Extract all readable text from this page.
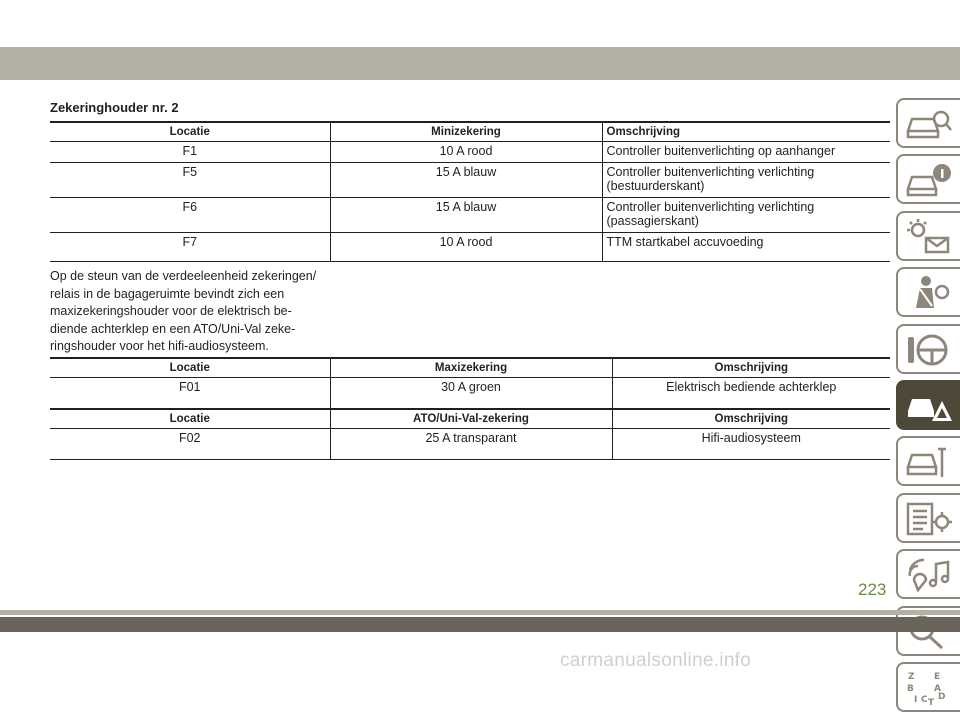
Zekeringhouder nr. 2
Locatie	Minizekering	Omschrijving
F1	10 A rood	Controller buitenverlichting op aanhanger
F5	15 A blauw	Controller buitenverlichting verlichting
(bestuurderskant)
F6	15 A blauw	Controller buitenverlichting verlichting
(passagierskant)
F7	10 A rood	TTM startkabel accuvoeding
Op de steun van de verdeeleenheid zekeringen/
relais in de bagageruimte bevindt zich een
maxizekeringshouder voor de elektrisch be-
diende achterklep en een ATO/Uni-Val zeke-
ringshouder voor het hifi-audiosysteem.
Locatie	Maxizekering	Omschrijving
F01	30 A groen	Elektrisch bediende achterklep
Locatie	ATO/Uni-Val-zekering	Omschrijving
F02	25 A transparant	Hifi-audiosysteem
Z E
B A
I C D
T
223
carmanualsonline.info
